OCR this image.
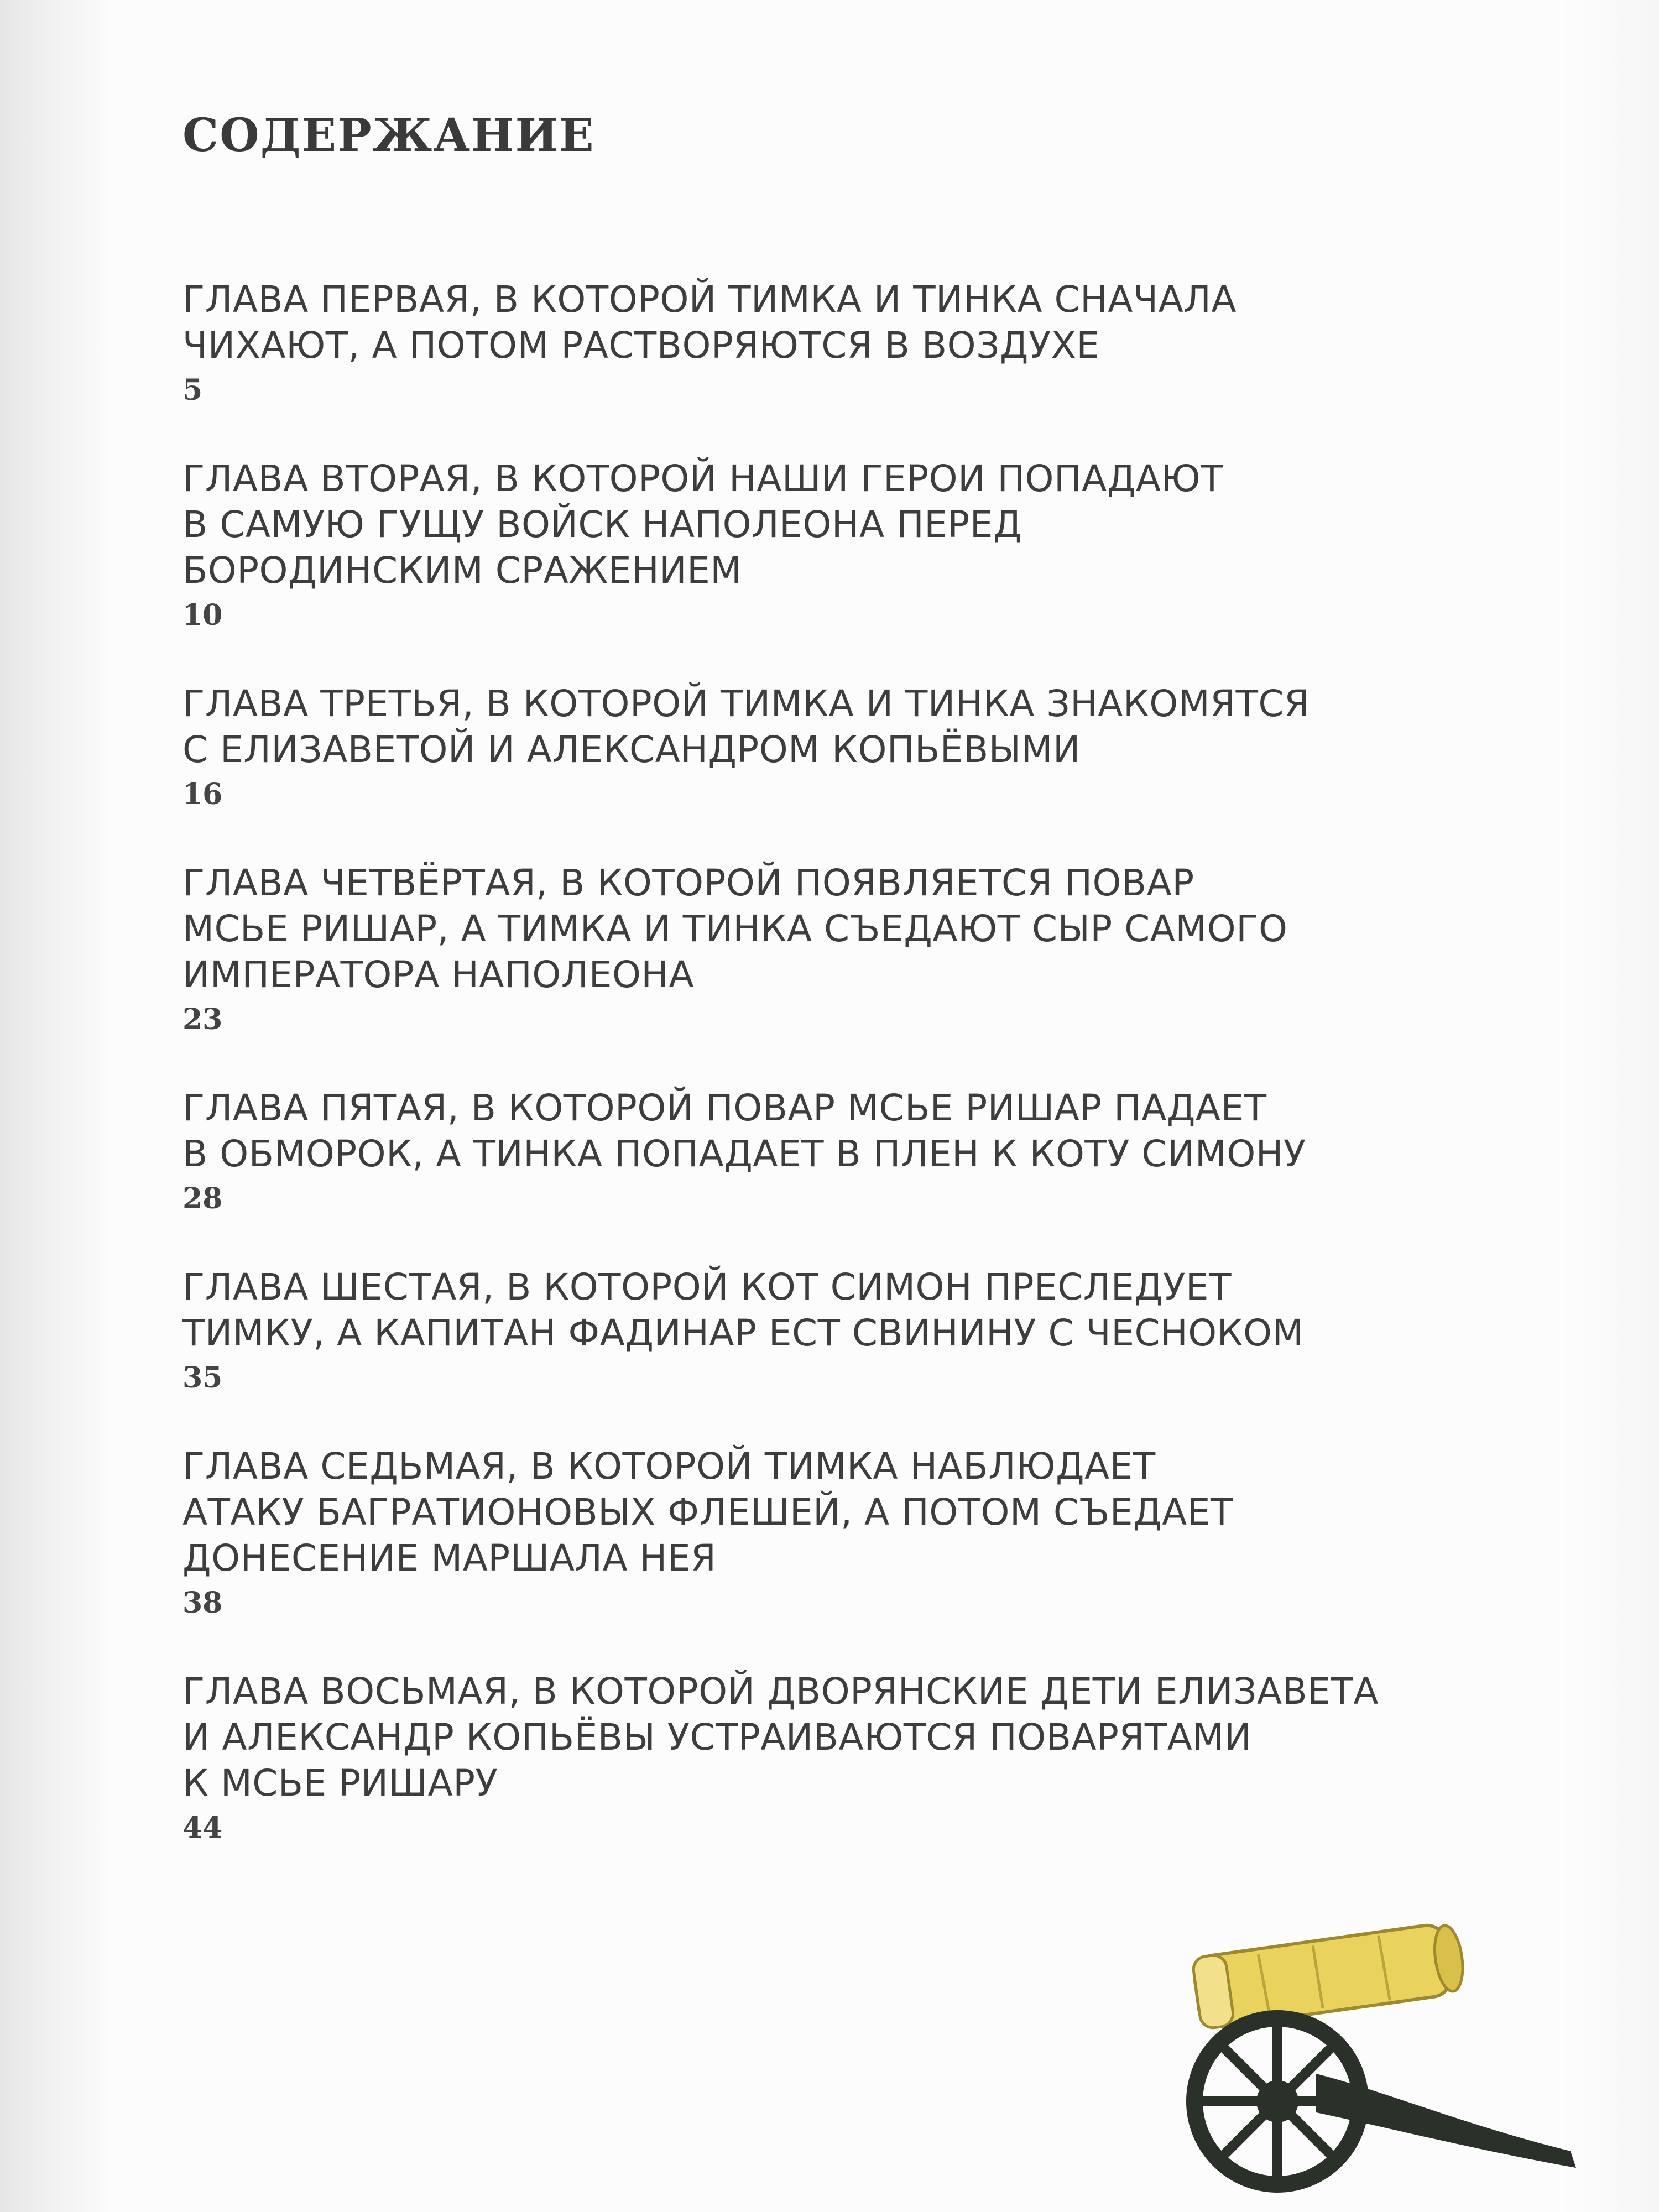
СОДЕРЖАНИЕ
ГЛАВА ПЕРВАЯ, В КОТОРОЙ ТИМКА И ТИНКА СНАЧАЛА
ЧИХАЮТ, А ПОТОМ РАСТВОРЯЮТСЯ В ВОЗДУХЕ
5
ГЛАВА ВТОРАЯ, В КОТОРОЙ НАШИ ГЕРОИ ПОПАДАЮТ
В САМУЮ ГУЩУ ВОЙСК НАПОЛЕОНА ПЕРЕД
БОРОДИНСКИМ СРАЖЕНИЕМ
10
ГЛАВА ТРЕТЬЯ, В КОТОРОЙ ТИМКА И ТИНКА ЗНАКОМЯТСЯ
С ЕЛИЗАВЕТОЙ И АЛЕКСАНДРОМ КОПЬЁВЫМИ
16
ГЛАВА ЧЕТВЁРТАЯ, В КОТОРОЙ ПОЯВЛЯЕТСЯ ПОВАР
МСЬЕ РИШАР, А ТИМКА И ТИНКА СЪЕДАЮТ СЫР САМОГО
ИМПЕРАТОРА НАПОЛЕОНА
23
ГЛАВА ПЯТАЯ, В КОТОРОЙ ПОВАР МСЬЕ РИШАР ПАДАЕТ
В ОБМОРОК, А ТИНКА ПОПАДАЕТ В ПЛЕН К КОТУ СИМОНУ
28
ГЛАВА ШЕСТАЯ, В КОТОРОЙ КОТ СИМОН ПРЕСЛЕДУЕТ
ТИМКУ, А КАПИТАН ФАДИНАР ЕСТ СВИНИНУ С ЧЕСНОКОМ
35
ГЛАВА СЕДЬМАЯ, В КОТОРОЙ ТИМКА НАБЛЮДАЕТ
АТАКУ БАГРАТИОНОВЫХ ФЛЕШЕЙ, А ПОТОМ СЪЕДАЕТ
ДОНЕСЕНИЕ МАРШАЛА НЕЯ
38
ГЛАВА ВОСЬМАЯ, В КОТОРОЙ ДВОРЯНСКИЕ ДЕТИ ЕЛИЗАВЕТА
И АЛЕКСАНДР КОПЬЁВЫ УСТРАИВАЮТСЯ ПОВАРЯТАМИ
К МСЬЕ РИШАРУ
44
